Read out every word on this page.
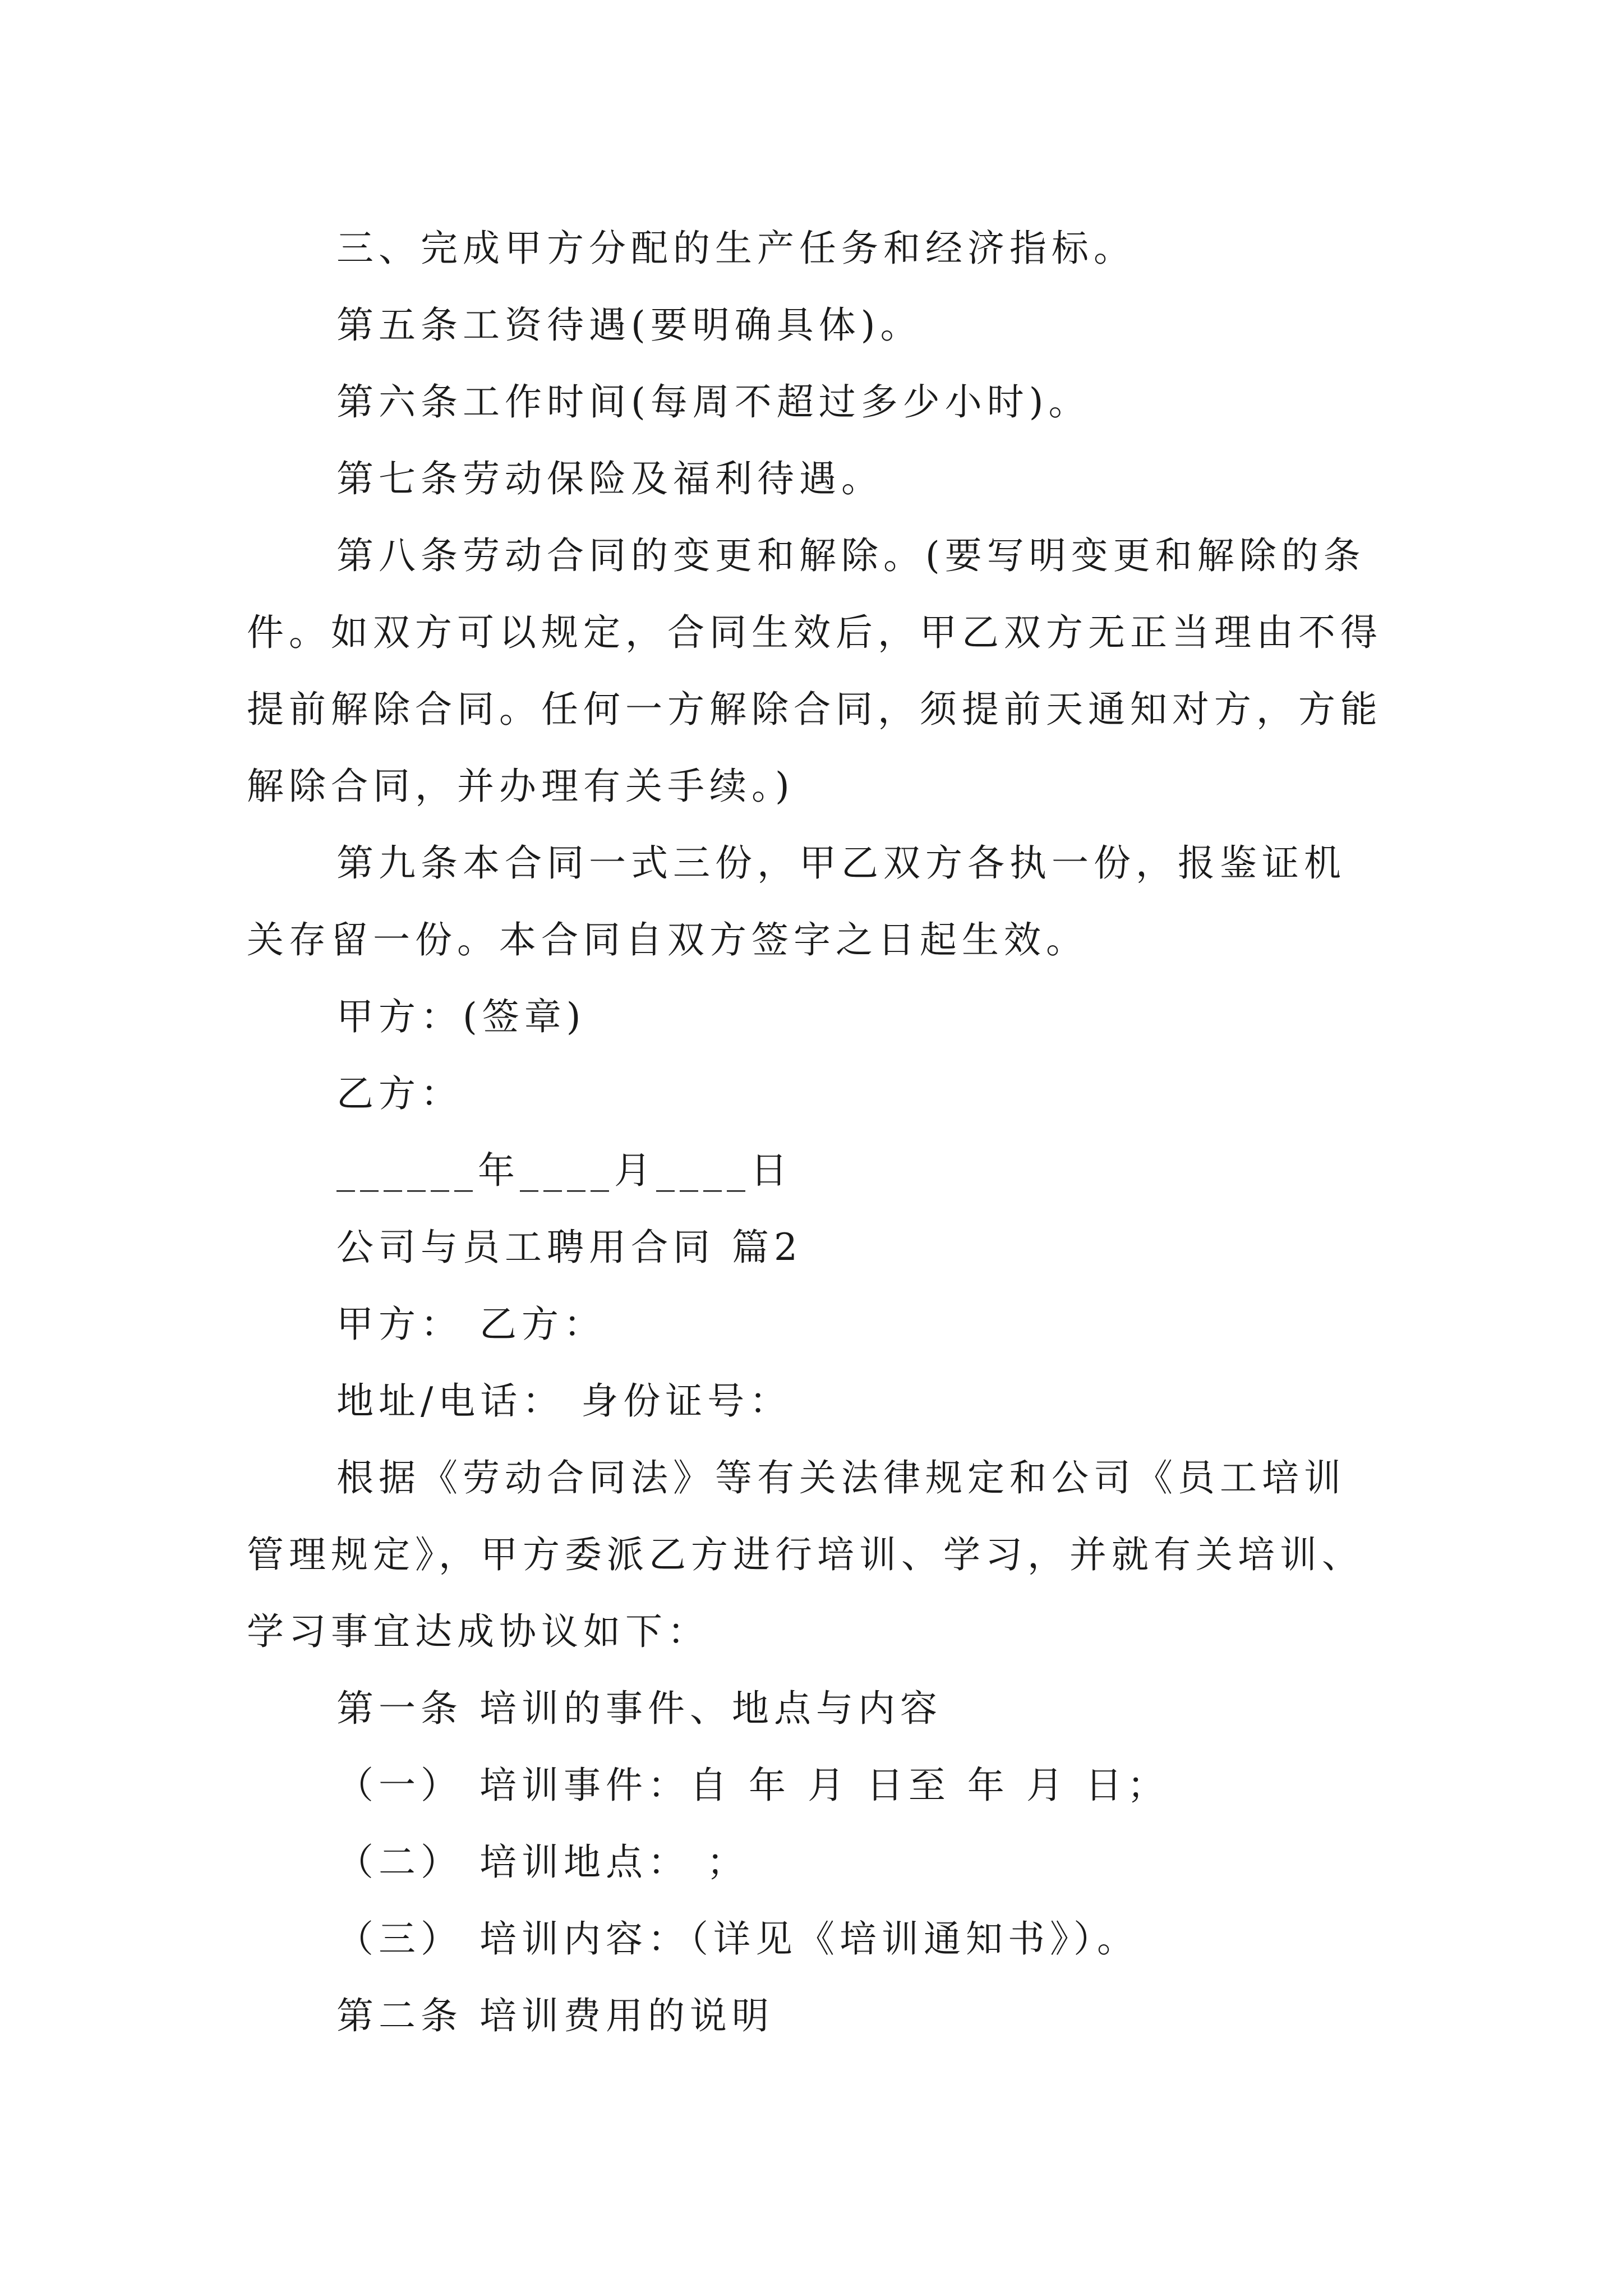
三、完成甲方分配的生产任务和经济指标。

第五条工资待遇(要明确具体)。

第六条工作时间(每周不超过多少小时)。

第七条劳动保险及福利待遇。

第八条劳动合同的变更和解除。(要写明变更和解除的条件。如双方可以规定，合同生效后，甲乙双方无正当理由不得提前解除合同。任何一方解除合同，须提前天通知对方，方能解除合同，并办理有关手续。)

第九条本合同一式三份，甲乙双方各执一份，报鉴证机关存留一份。本合同自双方签字之日起生效。

甲方：(签章)

乙方：

______年____月____日

公司与员工聘用合同 篇2

甲方： 乙方：

地址/电话： 身份证号：

根据《劳动合同法》等有关法律规定和公司《员工培训管理规定》，甲方委派乙方进行培训、学习，并就有关培训、学习事宜达成协议如下：

第一条 培训的事件、地点与内容

（一） 培训事件：自 年 月 日至 年 月 日；

（二） 培训地点： ；

（三） 培训内容：（详见《培训通知书》）。

第二条 培训费用的说明
